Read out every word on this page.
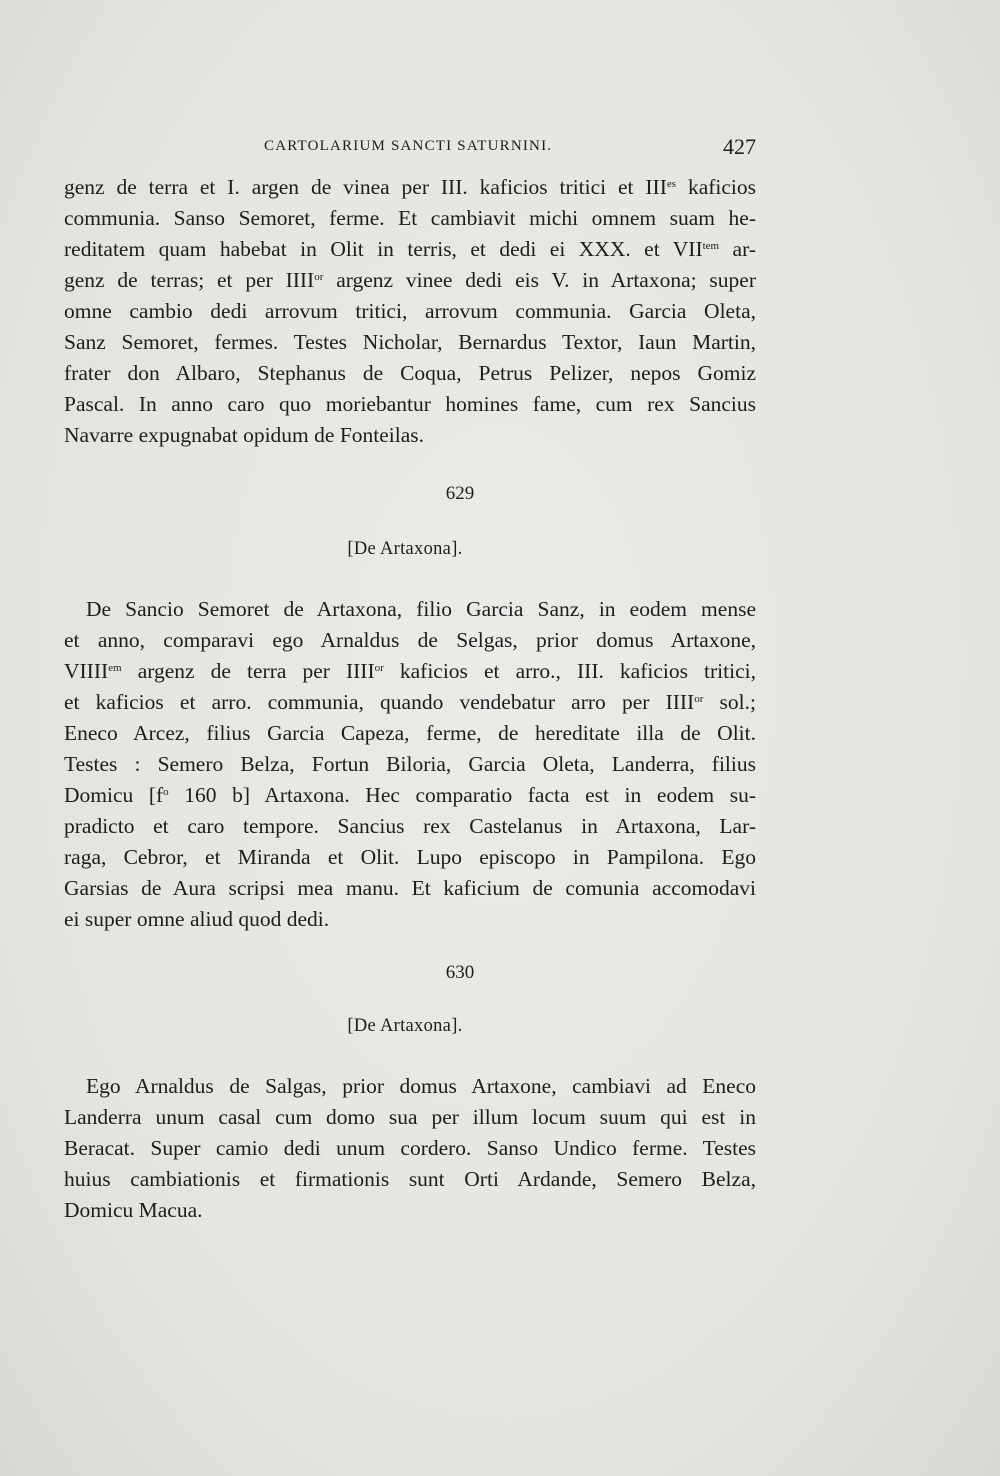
CARTOLARIUM SANCTI SATURNINI.	427
genz de terra et I. argen de vinea per III. kaficios tritici et $III^{es}$ kaficios
communia. Sanso Semoret, ferme. Et cambiavit michi omnem suam he-
reditatem quam habebat in Olit in terris, et dedi ei XXX. et $VII^{tem}$ ar-
genz de terras; et per $IIII^{or}$ argenz vinee dedi eis V. in Artaxona; super
omne cambio dedi arrovum tritici, arrovum communia. Garcia Oleta,
Sanz Semoret, fermes. Testes Nicholar, Bernardus Textor, Iaun Martin,
frater don Albaro, Stephanus de Coqua, Petrus Pelizer, nepos Gomiz
Pascal. In anno caro quo moriebantur homines fame, cum rex Sancius
Navarre expugnabat opidum de Fonteilas.
629
[De Artaxona].
De Sancio Semoret de Artaxona, filio Garcia Sanz, in eodem mense
et anno, comparavi ego Arnaldus de Selgas, prior domus Artaxone,
$VIIII^{em}$ argenz de terra per $IIII^{or}$ kaficios et arro., III. kaficios tritici,
et kaficios et arro. communia, quando vendebatur arro per $IIII^{or}$ sol.;
Eneco Arcez, filius Garcia Capeza, ferme, de hereditate illa de Olit.
Testes : Semero Belza, Fortun Biloria, Garcia Oleta, Landerra, filius
Domicu [$f^o$ 160 b] Artaxona. Hec comparatio facta est in eodem su-
pradicto et caro tempore. Sancius rex Castelanus in Artaxona, Lar-
raga, Cebror, et Miranda et Olit. Lupo episcopo in Pampilona. Ego
Garsias de Aura scripsi mea manu. Et kaficium de comunia accomodavi
ei super omne aliud quod dedi.
630
[De Artaxona].
Ego Arnaldus de Salgas, prior domus Artaxone, cambiavi ad Eneco
Landerra unum casal cum domo sua per illum locum suum qui est in
Beracat. Super camio dedi unum cordero. Sanso Undico ferme. Testes
huius cambiationis et firmationis sunt Orti Ardande, Semero Belza,
Domicu Macua.
